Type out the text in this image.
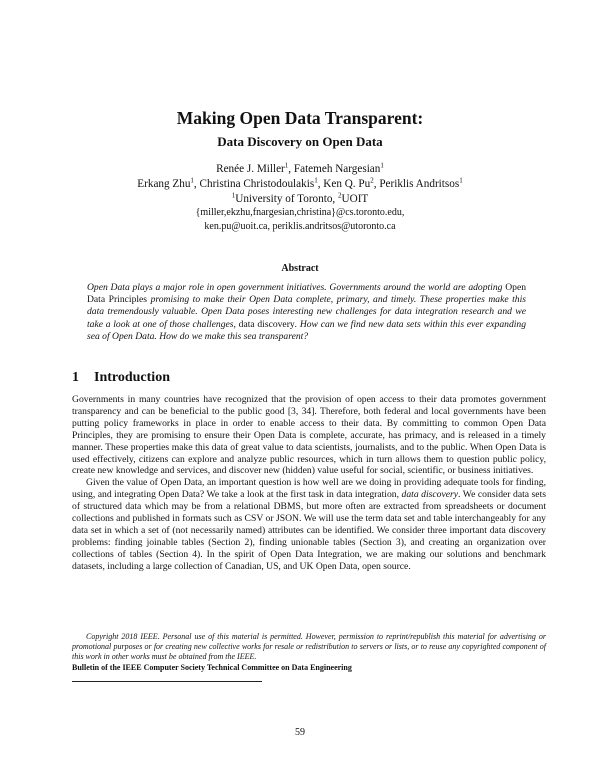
Making Open Data Transparent:
Data Discovery on Open Data
Renée J. Miller$^1$, Fatemeh Nargesian$^1$
Erkang Zhu$^1$, Christina Christodoulakis$^1$, Ken Q. Pu$^2$, Periklis Andritsos$^1$
$^1$University of Toronto, $^2$UOIT
{miller,ekzhu,fnargesian,christina}@cs.toronto.edu,
ken.pu@uoit.ca, periklis.andritsos@utoronto.ca
Abstract
Open Data plays a major role in open government initiatives. Governments around the world are adopting Open Data Principles promising to make their Open Data complete, primary, and timely. These properties make this data tremendously valuable. Open Data poses interesting new challenges for data integration research and we take a look at one of those challenges, data discovery. How can we find new data sets within this ever expanding sea of Open Data. How do we make this sea transparent?
1 Introduction

Governments in many countries have recognized that the provision of open access to their data promotes government transparency and can be beneficial to the public good [3, 34]. Therefore, both federal and local governments have been putting policy frameworks in place in order to enable access to their data. By committing to common Open Data Principles, they are promising to ensure their Open Data is complete, accurate, has primacy, and is released in a timely manner. These properties make this data of great value to data scientists, journalists, and to the public. When Open Data is used effectively, citizens can explore and analyze public resources, which in turn allows them to question public policy, create new knowledge and services, and discover new (hidden) value useful for social, scientific, or business initiatives.

Given the value of Open Data, an important question is how well are we doing in providing adequate tools for finding, using, and integrating Open Data? We take a look at the first task in data integration, data discovery. We consider data sets of structured data which may be from a relational DBMS, but more often are extracted from spreadsheets or document collections and published in formats such as CSV or JSON. We will use the term data set and table interchangeably for any data set in which a set of (not necessarily named) attributes can be identified. We consider three important data discovery problems: finding joinable tables (Section 2), finding unionable tables (Section 3), and creating an organization over collections of tables (Section 4). In the spirit of Open Data Integration, we are making our solutions and benchmark datasets, including a large collection of Canadian, US, and UK Open Data, open source.

Copyright 2018 IEEE. Personal use of this material is permitted. However, permission to reprint/republish this material for advertising or promotional purposes or for creating new collective works for resale or redistribution to servers or lists, or to reuse any copyrighted component of this work in other works must be obtained from the IEEE.
Bulletin of the IEEE Computer Society Technical Committee on Data Engineering
59
